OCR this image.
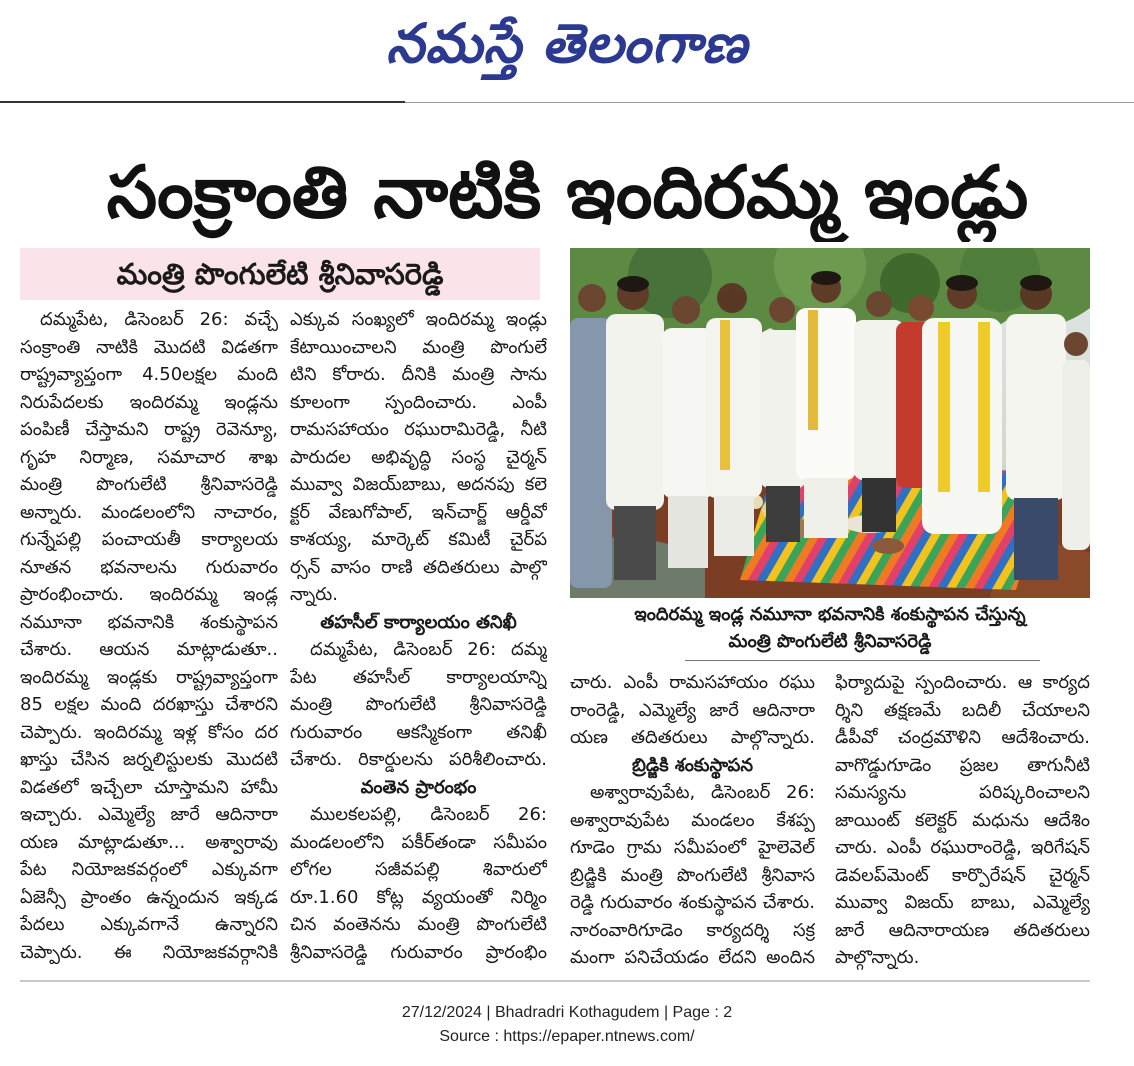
నమస్తే తెలంగాణ
సంక్రాంతి నాటికి ఇందిరమ్మ ఇండ్లు
మంత్రి పొంగులేటి శ్రీనివాసరెడ్డి
దమ్మపేట, డిసెంబర్ 26: వచ్చే
సంక్రాంతి నాటికి మొదటి విడతగా
రాష్ట్రవ్యాప్తంగా 4.50లక్షల మంది
నిరుపేదలకు ఇందిరమ్మ ఇండ్లను
పంపిణీ చేస్తామని రాష్ట్ర రెవెన్యూ,
గృహ నిర్మాణ, సమాచార శాఖ
మంత్రి పొంగులేటి శ్రీనివాసరెడ్డి
అన్నారు. మండలంలోని నాచారం,
గున్నేపల్లి పంచాయతీ కార్యాలయ
నూతన భవనాలను గురువారం
ప్రారంభించారు. ఇందిరమ్మ ఇండ్ల
నమూనా భవనానికి శంకుస్థాపన
చేశారు. ఆయన మాట్లాడుతూ..
ఇందిరమ్మ ఇండ్లకు రాష్ట్రవ్యాప్తంగా
85 లక్షల మంది దరఖాస్తు చేశారని
చెప్పారు. ఇందిరమ్మ ఇళ్ల కోసం దర
ఖాస్తు చేసిన జర్నలిస్టులకు మొదటి
విడతలో ఇచ్చేలా చూస్తామని హామీ
ఇచ్చారు. ఎమ్మెల్యే జారే ఆదినారా
యణ మాట్లాడుతూ... అశ్వారావు
పేట నియోజకవర్గంలో ఎక్కువగా
ఏజెన్సీ ప్రాంతం ఉన్నందున ఇక్కడ
పేదలు ఎక్కువగానే ఉన్నారని
చెప్పారు. ఈ నియోజకవర్గానికి
ఎక్కువ సంఖ్యలో ఇందిరమ్మ ఇండ్లు
కేటాయించాలని మంత్రి పొంగులే
టిని కోరారు. దీనికి మంత్రి సాను
కూలంగా స్పందించారు. ఎంపీ
రామసహాయం రఘురామిరెడ్డి, నీటి
పారుదల అభివృద్ధి సంస్థ చైర్మన్
మువ్వా విజయ్‌బాబు, అదనపు కలె
క్టర్ వేణుగోపాల్, ఇన్‌చార్జ్ ఆర్డీవో
కాశయ్య, మార్కెట్ కమిటీ చైర్‌ప
ర్సన్ వాసం రాణి తదితరులు పాల్గొ
న్నారు.
తహసీల్ కార్యాలయం తనిఖీ
దమ్మపేట, డిసెంబర్ 26: దమ్మ
పేట తహసీల్ కార్యాలయాన్ని
మంత్రి పొంగులేటి శ్రీనివాసరెడ్డి
గురువారం ఆకస్మికంగా తనిఖీ
చేశారు. రికార్డులను పరిశీలించారు.
వంతెన ప్రారంభం
ములకలపల్లి, డిసెంబర్ 26:
మండలంలోని పకీర్‌తండా సమీపం
లోగల సజీవపల్లి శివారులో
రూ.1.60 కోట్ల వ్యయంతో నిర్మిం
చిన వంతెనను మంత్రి పొంగులేటి
శ్రీనివాసరెడ్డి గురువారం ప్రారంభిం
ఇందిరమ్మ ఇండ్ల నమూనా భవనానికి శంకుస్థాపన చేస్తున్న
మంత్రి పొంగులేటి శ్రీనివాసరెడ్డి
చారు. ఎంపీ రామసహాయం రఘు
రాంరెడ్డి, ఎమ్మెల్యే జారే ఆదినారా
యణ తదితరులు పాల్గొన్నారు.
బ్రిడ్జికి శంకుస్థాపన
అశ్వారావుపేట, డిసెంబర్ 26:
అశ్వారావుపేట మండలం కేశప్ప
గూడెం గ్రామ సమీపంలో హైలెవెల్
బ్రిడ్జికి మంత్రి పొంగులేటి శ్రీనివాస
రెడ్డి గురువారం శంకుస్థాపన చేశారు.
నారంవారిగూడెం కార్యదర్శి సక్ర
మంగా పనిచేయడం లేదని అందిన
ఫిర్యాదుపై స్పందించారు. ఆ కార్యద
ర్శిని తక్షణమే బదిలీ చేయాలని
డీపీవో చంద్రమౌళిని ఆదేశించారు.
వాగొడ్డుగూడెం ప్రజల తాగునీటి
సమస్యను పరిష్కరించాలని
జాయింట్ కలెక్టర్ మధును ఆదేశిం
చారు. ఎంపీ రఘురాంరెడ్డి, ఇరిగేషన్
డెవలప్‌మెంట్ కార్పొరేషన్ చైర్మన్
మువ్వా విజయ్ బాబు, ఎమ్మెల్యే
జారే ఆదినారాయణ తదితరులు
పాల్గొన్నారు.
27/12/2024 | Bhadradri Kothagudem | Page : 2
Source : https://epaper.ntnews.com/
